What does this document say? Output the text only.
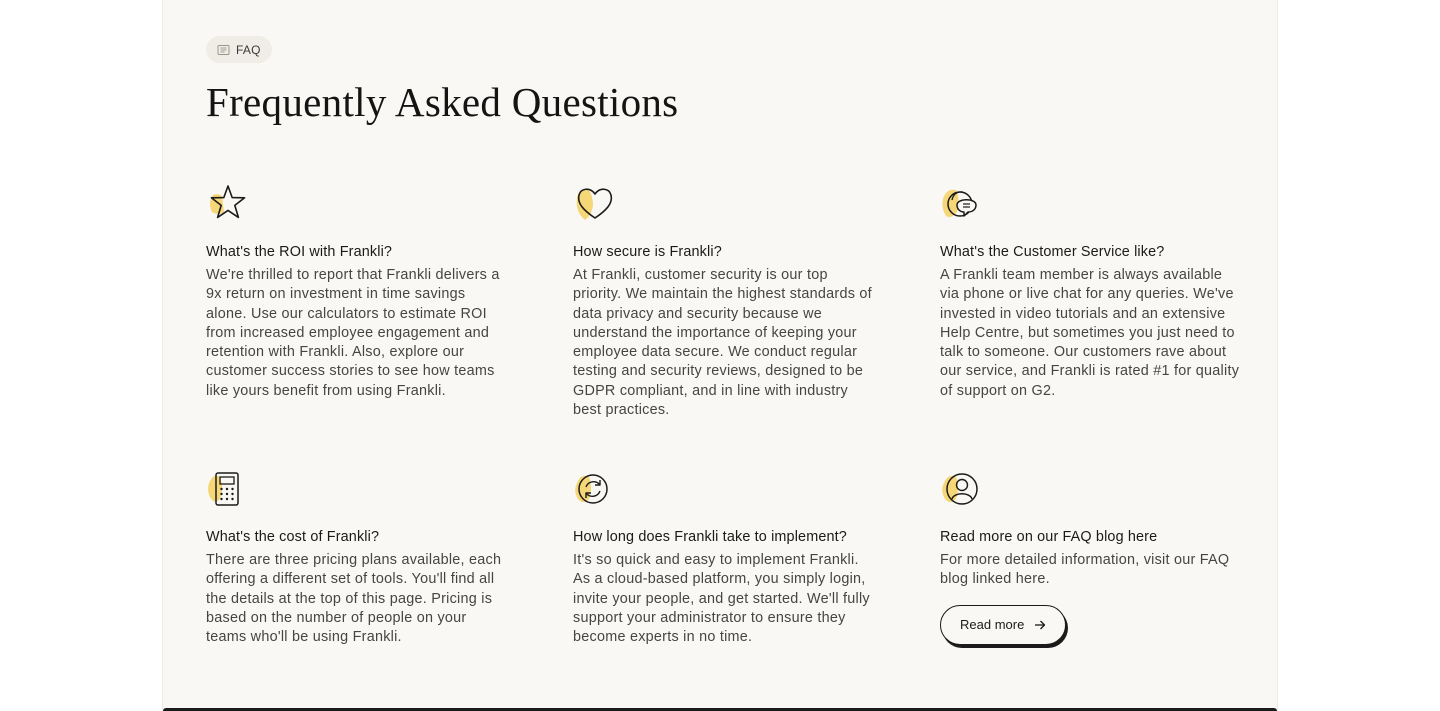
FAQ
Frequently Asked Questions
What's the ROI with Frankli?

We're thrilled to report that Frankli delivers a 9x return on investment in time savings alone. Use our calculators to estimate ROI from increased employee engagement and retention with Frankli. Also, explore our customer success stories to see how teams like yours benefit from using Frankli.

How secure is Frankli?

At Frankli, customer security is our top priority. We maintain the highest standards of data privacy and security because we understand the importance of keeping your employee data secure. We conduct regular testing and security reviews, designed to be GDPR compliant, and in line with industry best practices.

What's the Customer Service like?

A Frankli team member is always available via phone or live chat for any queries. We've invested in video tutorials and an extensive Help Centre, but sometimes you just need to talk to someone. Our customers rave about our service, and Frankli is rated #1 for quality of support on G2.

What's the cost of Frankli?

There are three pricing plans available, each offering a different set of tools. You'll find all the details at the top of this page. Pricing is based on the number of people on your teams who'll be using Frankli.

How long does Frankli take to implement?

It's so quick and easy to implement Frankli. As a cloud-based platform, you simply login, invite your people, and get started. We'll fully support your administrator to ensure they become experts in no time.

Read more on our FAQ blog here

For more detailed information, visit our FAQ blog linked here.

Read more
